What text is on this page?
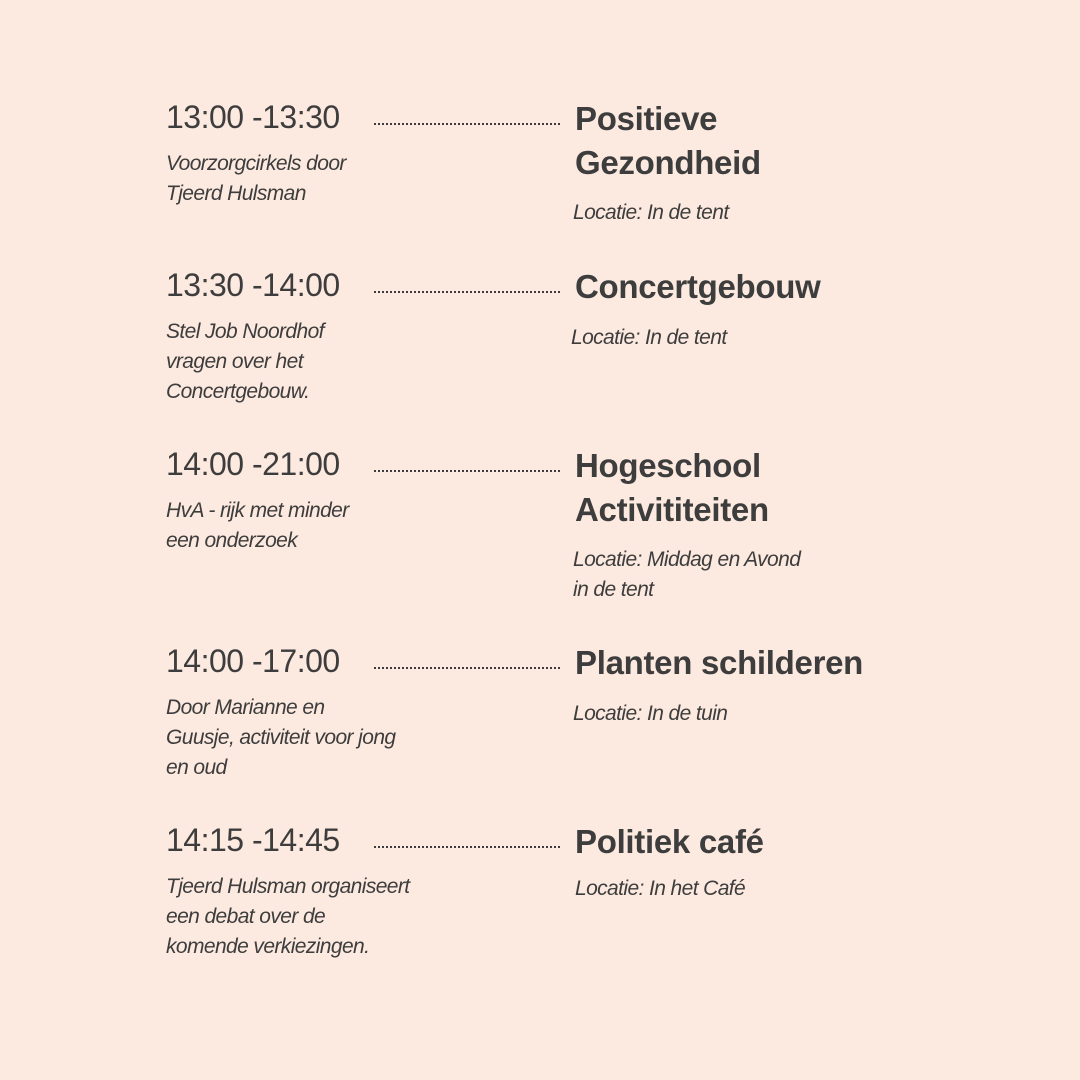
13:00 -13:30
Voorzorgcirkels door
Tjeerd Hulsman
Positieve
Gezondheid
Locatie: In de tent
13:30 -14:00
Stel Job Noordhof
vragen over het
Concertgebouw.
Concertgebouw
Locatie: In de tent
14:00 -21:00
HvA - rijk met minder
een onderzoek
Hogeschool
Activititeiten
Locatie: Middag en Avond
in de tent
14:00 -17:00
Door Marianne en
Guusje, activiteit voor jong
en oud
Planten schilderen
Locatie: In de tuin
14:15 -14:45
Tjeerd Hulsman organiseert
een debat over de
komende verkiezingen.
Politiek café
Locatie: In het Café
